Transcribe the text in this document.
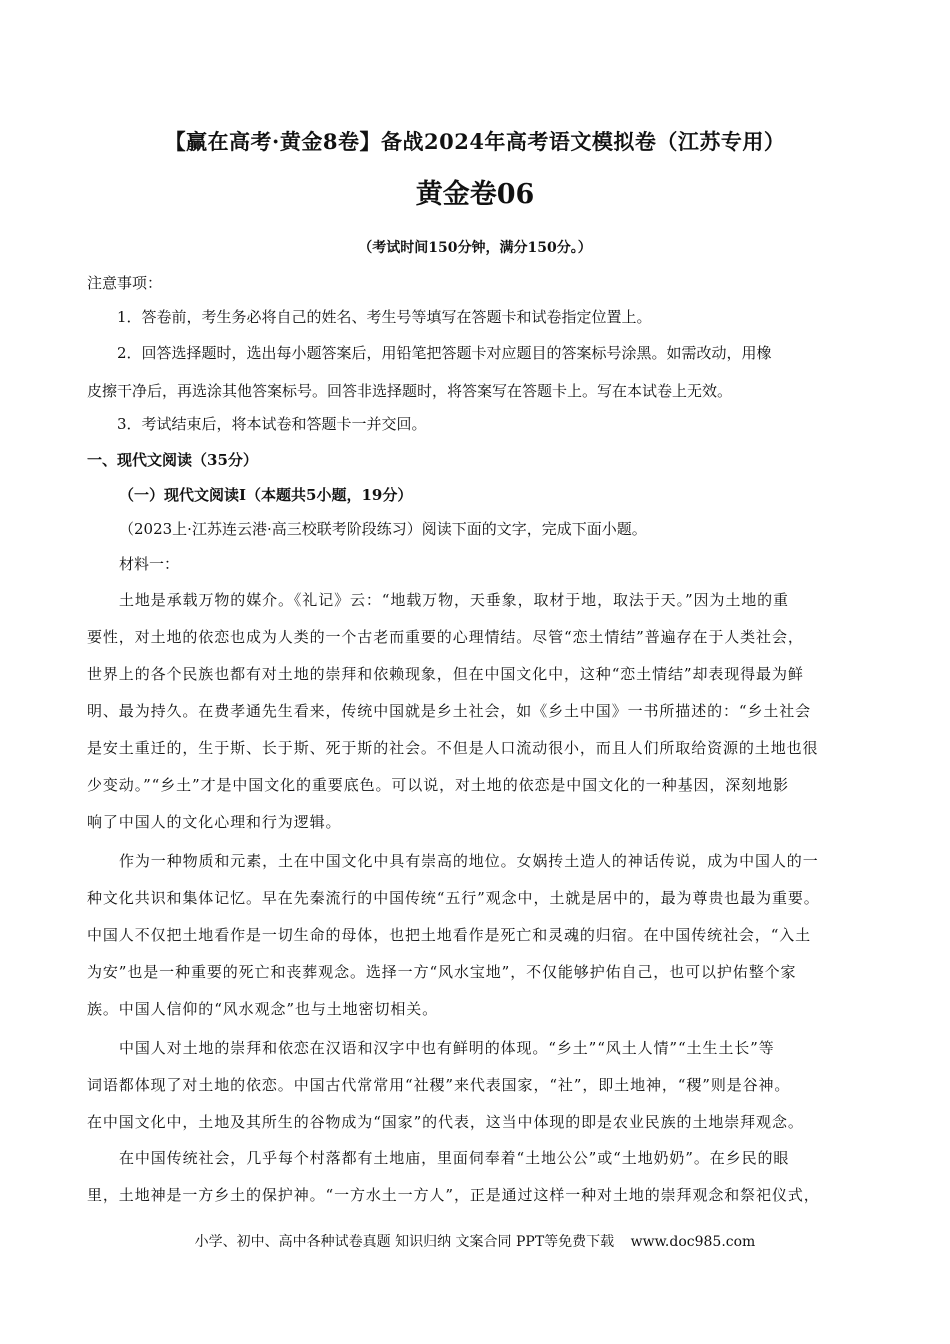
【赢在高考·黄金8卷】备战2024年高考语文模拟卷（江苏专用）
黄金卷06
（考试时间150分钟，满分150分。）
注意事项：
1．答卷前，考生务必将自己的姓名、考生号等填写在答题卡和试卷指定位置上。
2．回答选择题时，选出每小题答案后，用铅笔把答题卡对应题目的答案标号涂黑。如需改动，用橡
皮擦干净后，再选涂其他答案标号。回答非选择题时，将答案写在答题卡上。写在本试卷上无效。
3．考试结束后，将本试卷和答题卡一并交回。
一、现代文阅读（35分）
（一）现代文阅读Ⅰ（本题共5小题，19分）
（2023上·江苏连云港·高三校联考阶段练习）阅读下面的文字，完成下面小题。
材料一：
土地是承载万物的媒介。《礼记》云：“地载万物，天垂象，取材于地，取法于天。”因为土地的重
要性，对土地的依恋也成为人类的一个古老而重要的心理情结。尽管“恋土情结”普遍存在于人类社会，
世界上的各个民族也都有对土地的崇拜和依赖现象，但在中国文化中，这种“恋土情结”却表现得最为鲜
明、最为持久。在费孝通先生看来，传统中国就是乡土社会，如《乡土中国》一书所描述的：“乡土社会
是安土重迁的，生于斯、长于斯、死于斯的社会。不但是人口流动很小，而且人们所取给资源的土地也很
少变动。”“乡土”才是中国文化的重要底色。可以说，对土地的依恋是中国文化的一种基因，深刻地影
响了中国人的文化心理和行为逻辑。
作为一种物质和元素，土在中国文化中具有崇高的地位。女娲抟土造人的神话传说，成为中国人的一
种文化共识和集体记忆。早在先秦流行的中国传统“五行”观念中，土就是居中的，最为尊贵也最为重要。
中国人不仅把土地看作是一切生命的母体，也把土地看作是死亡和灵魂的归宿。在中国传统社会，“入土
为安”也是一种重要的死亡和丧葬观念。选择一方“风水宝地”，不仅能够护佑自己，也可以护佑整个家
族。中国人信仰的“风水观念”也与土地密切相关。
中国人对土地的崇拜和依恋在汉语和汉字中也有鲜明的体现。“乡土”“风土人情”“土生土长”等
词语都体现了对土地的依恋。中国古代常常用“社稷”来代表国家，“社”，即土地神，“稷”则是谷神。
在中国文化中，土地及其所生的谷物成为“国家”的代表，这当中体现的即是农业民族的土地崇拜观念。
在中国传统社会，几乎每个村落都有土地庙，里面伺奉着“土地公公”或“土地奶奶”。在乡民的眼
里，土地神是一方乡土的保护神。“一方水土一方人”，正是通过这样一种对土地的崇拜观念和祭祀仪式，
小学、初中、高中各种试卷真题 知识归纳 文案合同 PPT等免费下载 www.doc985.com
